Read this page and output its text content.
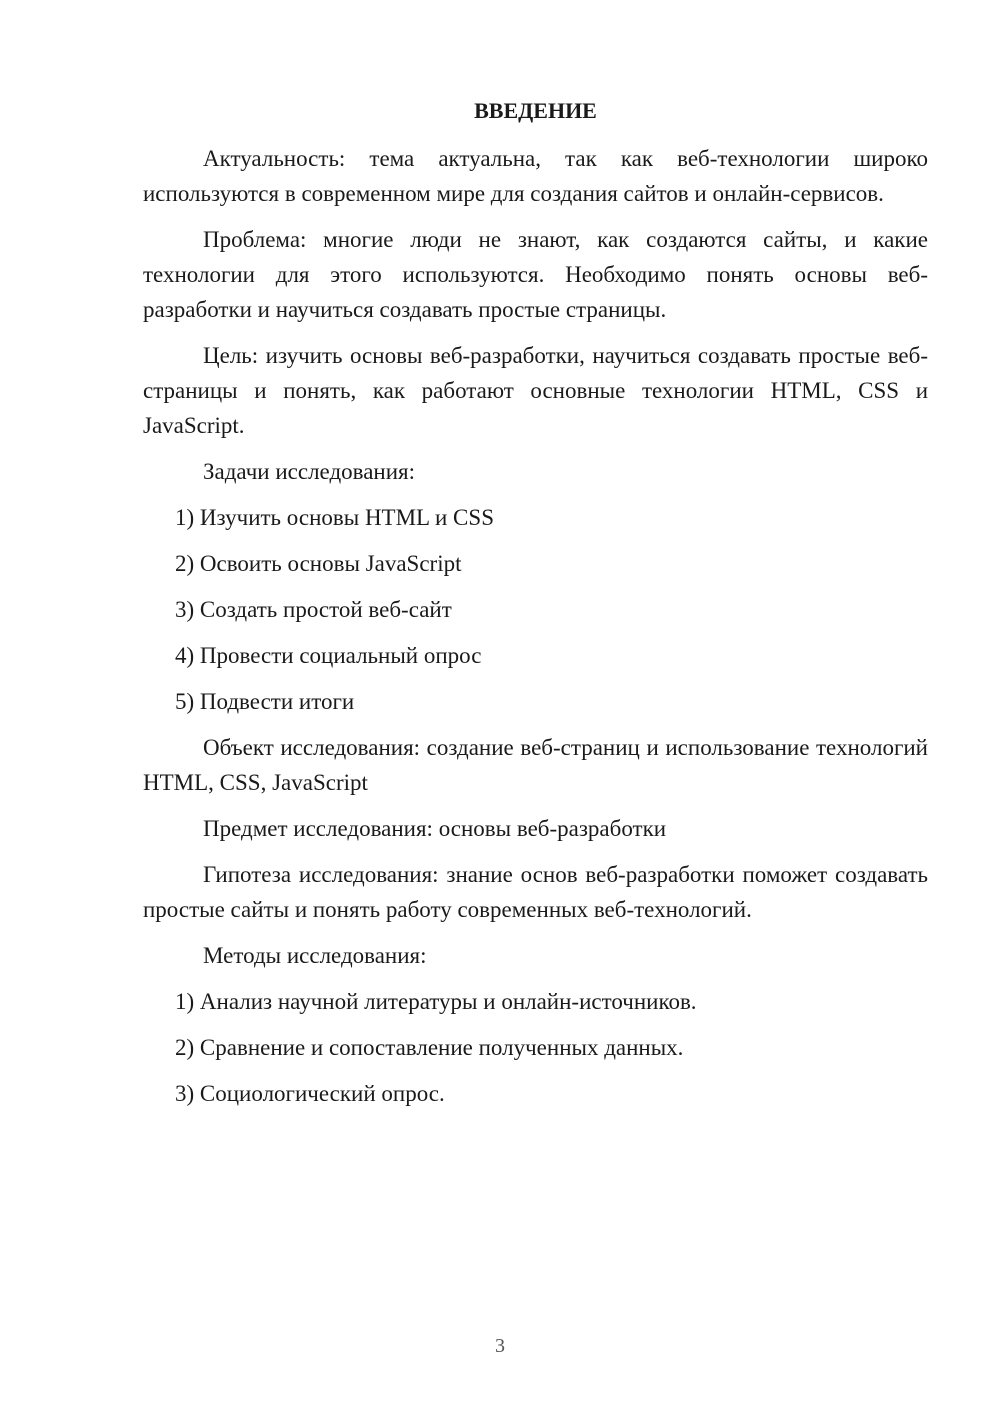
ВВЕДЕНИЕ

Актуальность: тема актуальна, так как веб-технологии широко используются в современном мире для создания сайтов и онлайн-сервисов.

Проблема: многие люди не знают, как создаются сайты, и какие технологии для этого используются. Необходимо понять основы веб-разработки и научиться создавать простые страницы.

Цель: изучить основы веб-разработки, научиться создавать простые веб-страницы и понять, как работают основные технологии HTML, CSS и JavaScript.

Задачи исследования:

1) Изучить основы HTML и CSS
2) Освоить основы JavaScript
3) Создать простой веб-сайт
4) Провести социальный опрос
5) Подвести итоги

Объект исследования: создание веб-страниц и использование технологий HTML, CSS, JavaScript

Предмет исследования: основы веб-разработки

Гипотеза исследования: знание основ веб-разработки поможет создавать простые сайты и понять работу современных веб-технологий.

Методы исследования:

1) Анализ научной литературы и онлайн-источников.
2) Сравнение и сопоставление полученных данных.
3) Социологический опрос.
3
